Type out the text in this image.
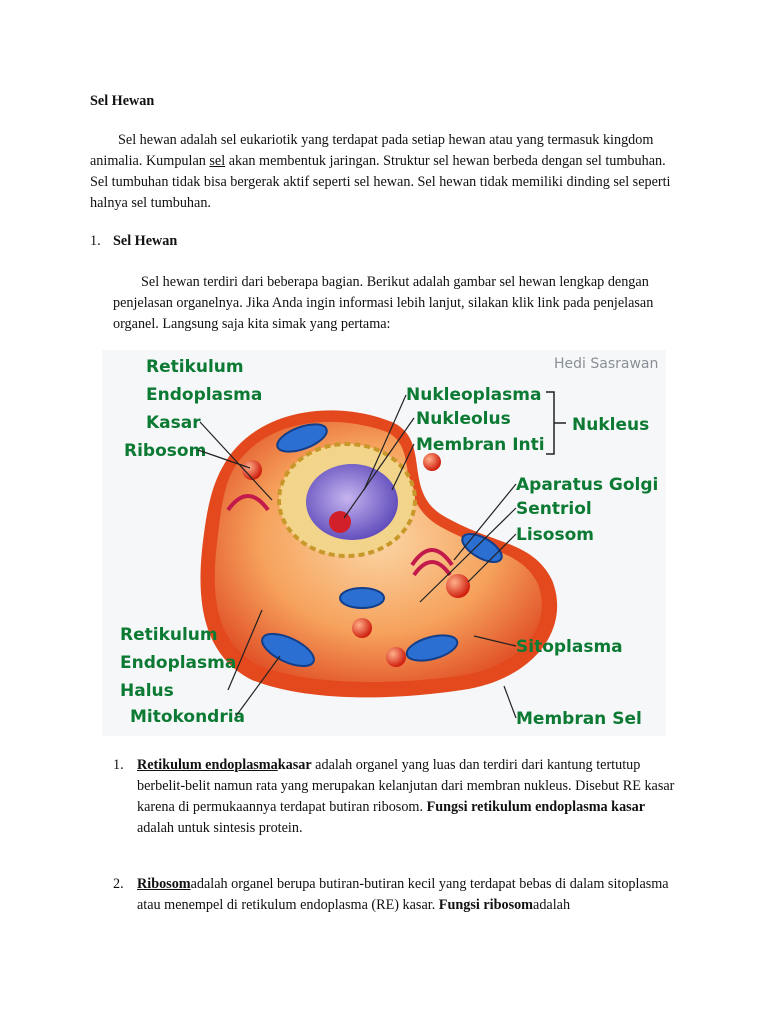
Sel Hewan
Sel hewan adalah sel eukariotik yang terdapat pada setiap hewan atau yang termasuk kingdom animalia. Kumpulan sel akan membentuk jaringan. Struktur sel hewan berbeda dengan sel tumbuhan. Sel tumbuhan tidak bisa bergerak aktif seperti sel hewan. Sel hewan tidak memiliki dinding sel seperti halnya sel tumbuhan.
1. Sel Hewan
Sel hewan terdiri dari beberapa bagian. Berikut adalah gambar sel hewan lengkap dengan penjelasan organelnya. Jika Anda ingin informasi lebih lanjut, silakan klik link pada penjelasan organel. Langsung saja kita simak yang pertama:
Retikulum
Endoplasma
Kasar
Ribosom
Retikulum
Endoplasma
Halus
Mitokondria
Nukleoplasma
Nukleolus
Membran Inti
Nukleus
Aparatus Golgi
Sentriol
Lisosom
Sitoplasma
Membran Sel
Hedi Sasrawan
1. Retikulum endoplasmakasar adalah organel yang luas dan terdiri dari kantung tertutup berbelit-belit namun rata yang merupakan kelanjutan dari membran nukleus. Disebut RE kasar karena di permukaannya terdapat butiran ribosom. Fungsi retikulum endoplasma kasar adalah untuk sintesis protein.
2. Ribosomadalah organel berupa butiran-butiran kecil yang terdapat bebas di dalam sitoplasma atau menempel di retikulum endoplasma (RE) kasar. Fungsi ribosomadalah
